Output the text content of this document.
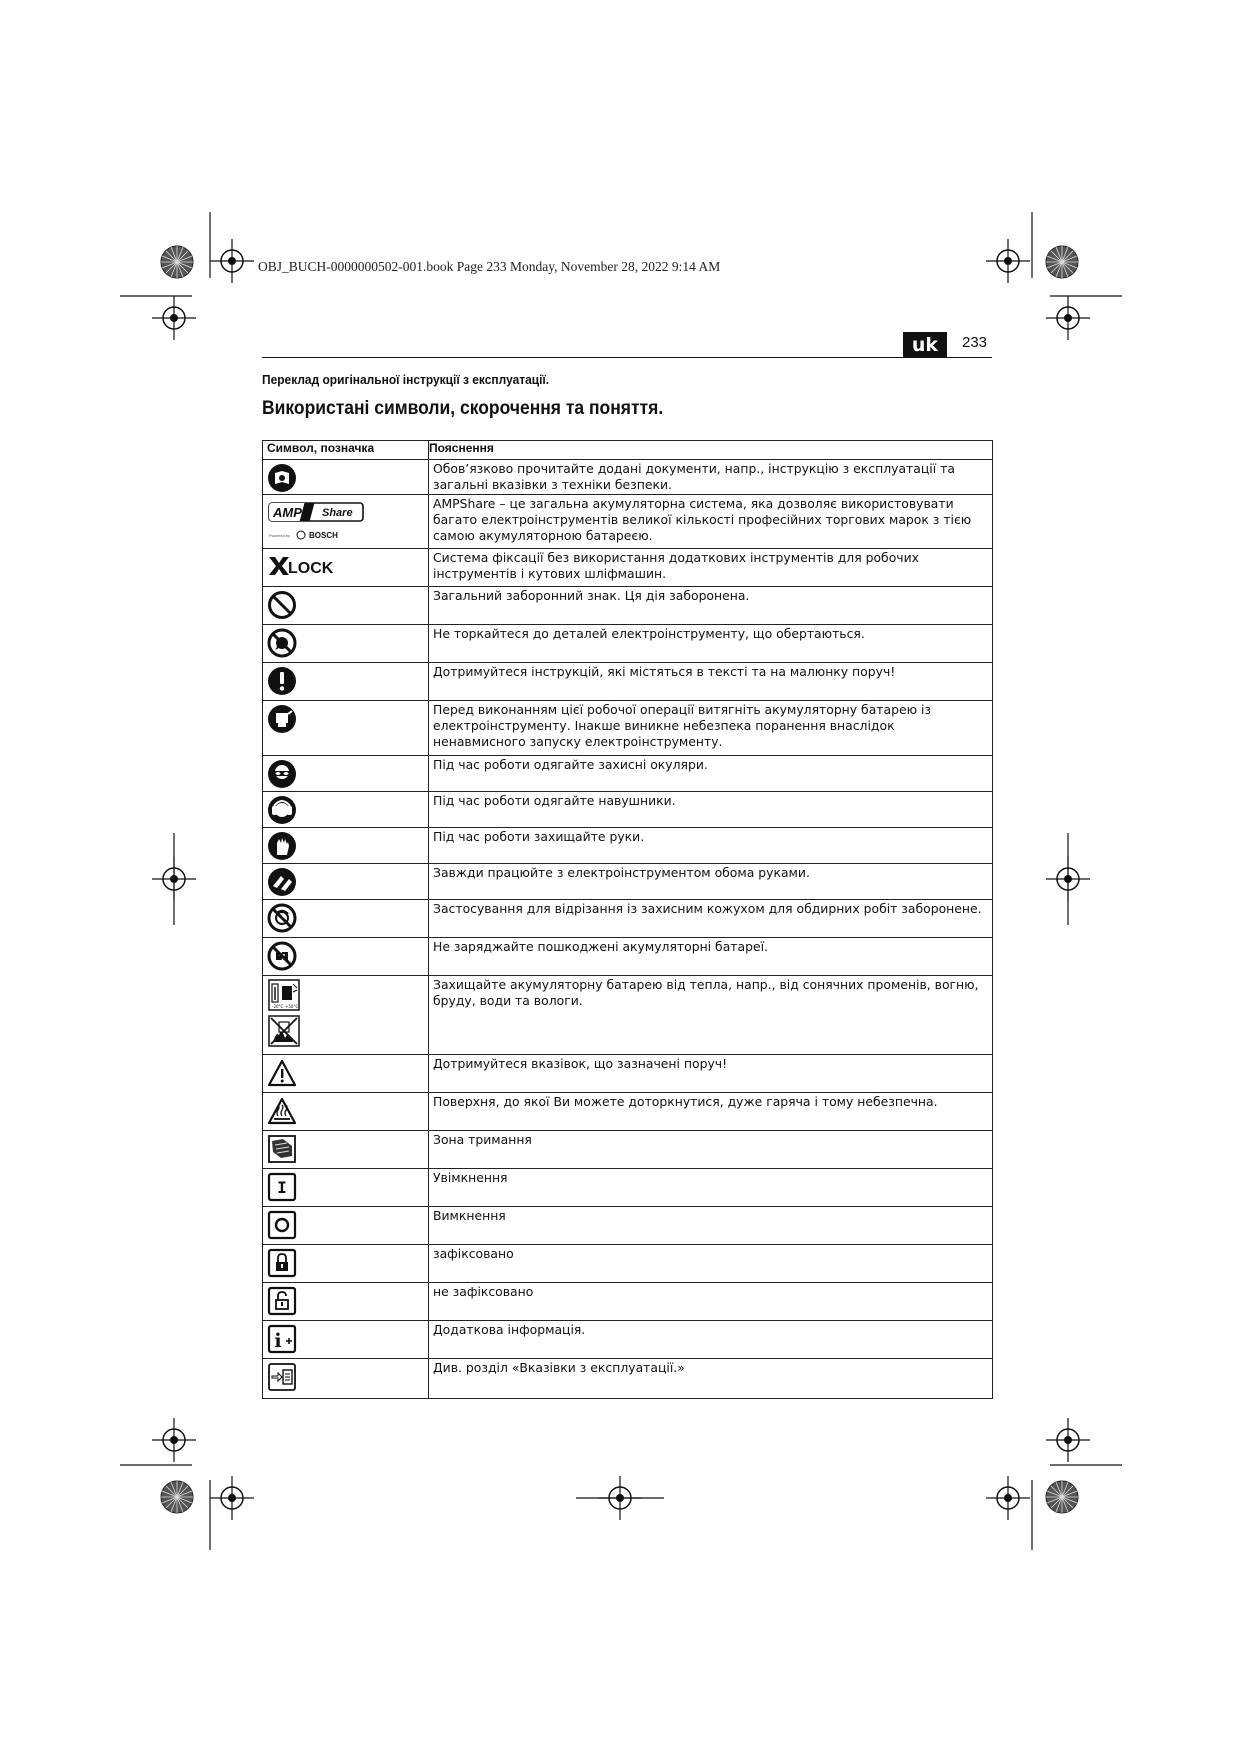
OBJ_BUCH-0000000502-001.book Page 233 Monday, November 28, 2022 9:14 AM
uk	233
Переклад оригінальної інструкції з експлуатації.
Використані символи, скорочення та поняття.
Символ, позначка	Пояснення

	Обов’язково прочитайте додані документи, напр., інструкцію з експлуатації та загальні вказівки з техніки безпеки.

AMP Share
Powered by BOSCH	AMPShare – це загальна акумуляторна система, яка дозволяє використовувати багато електроінструментів великої кількості професійних торгових марок з тією самою акумуляторною батареєю.

LOCK	Система фіксації без використання додаткових інструментів для робочих інструментів і кутових шліфмашин.

	Загальний заборонний знак. Ця дія заборонена.

	Не торкайтеся до деталей електроінструменту, що обертаються.

	Дотримуйтеся інструкцій, які містяться в тексті та на малюнку поруч!

	Перед виконанням цієї робочої операції витягніть акумуляторну батарею із електроінструменту. Інакше виникне небезпека поранення внаслідок ненавмисного запуску електроінструменту.

	Під час роботи одягайте захисні окуляри.

	Під час роботи одягайте навушники.

	Під час роботи захищайте руки.

	Завжди працюйте з електроінструментом обома руками.

	Застосування для відрізання із захисним кожухом для обдирних робіт заборонене.

	Не заряджайте пошкоджені акумуляторні батареї.

-20°C +50°C	Захищайте акумуляторну батарею від тепла, напр., від сонячних променів, вогню, бруду, води та вологи.

	Дотримуйтеся вказівок, що зазначені поруч!

	Поверхня, до якої Ви можете доторкнутися, дуже гаряча і тому небезпечна.

	Зона тримання

I	Увімкнення

	Вимкнення

	зафіксовано

	не зафіксовано

i	Додаткова інформація.

	Див. розділ «Вказівки з експлуатації.»
